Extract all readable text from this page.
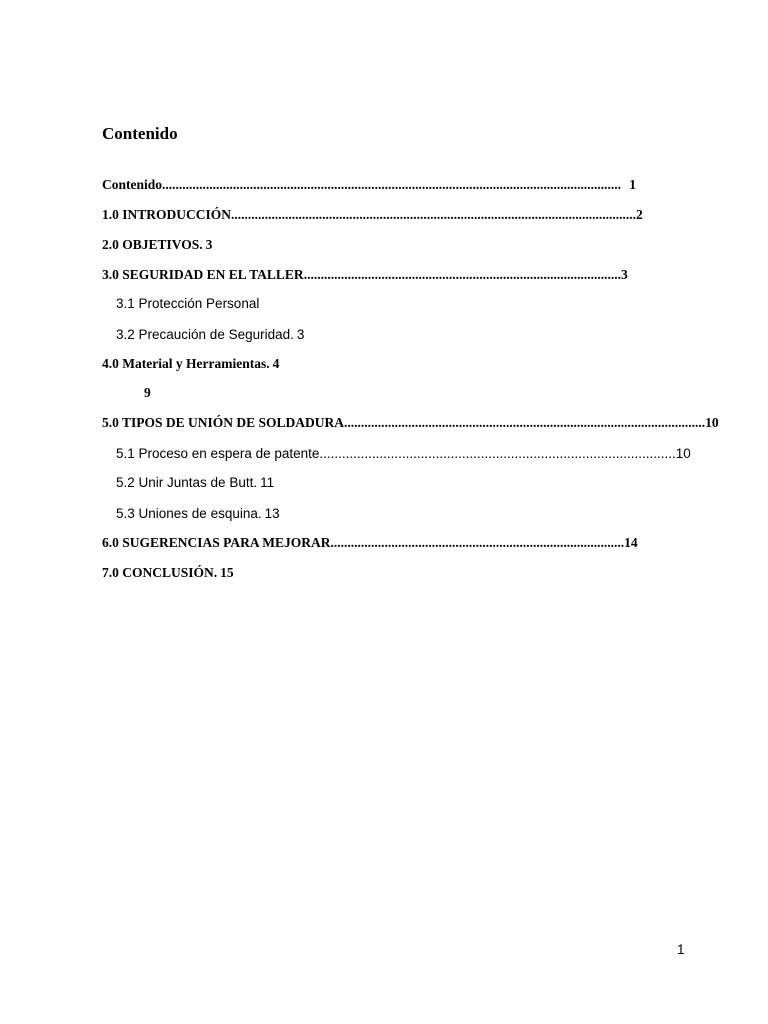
Contenido
Contenido ........................................................................................................................................ 1
1.0 INTRODUCCIÓN ........................................................................................................................ 2
2.0 OBJETIVOS. 3
3.0 SEGURIDAD EN EL TALLER .............................................................................................. 3
3.1 Protección Personal
3.2 Precaución de Seguridad. 3
4.0 Material y Herramientas. 4
9
5.0 TIPOS DE UNIÓN DE SOLDADURA ........................................................................................................... 10
5.1 Proceso en espera de patente ............................................................................................... 10
5.2 Unir Juntas de Butt. 11
5.3 Uniones de esquina. 13
6.0 SUGERENCIAS PARA MEJORAR ....................................................................................... 14
7.0 CONCLUSIÓN. 15
1
